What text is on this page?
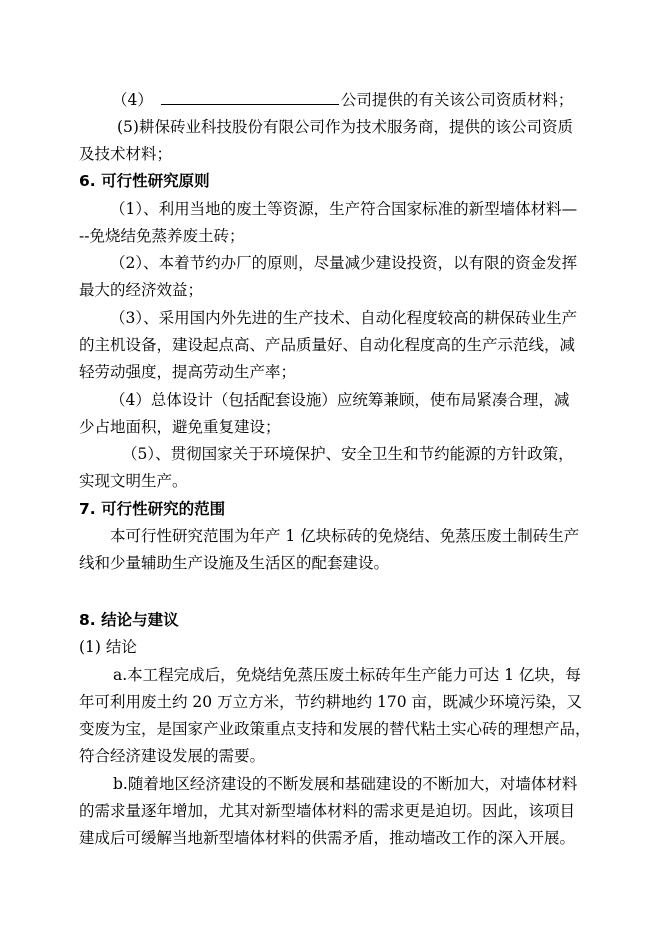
（4）	公司提供的有关该公司资质材料；
(5)耕保砖业科技股份有限公司作为技术服务商，提供的该公司资质
及技术材料；
6. 可行性研究原则
（1）、利用当地的废土等资源，生产符合国家标准的新型墙体材料—
--免烧结免蒸养废土砖；
（2）、本着节约办厂的原则，尽量减少建设投资，以有限的资金发挥
最大的经济效益；
（3）、采用国内外先进的生产技术、自动化程度较高的耕保砖业生产
的主机设备，建设起点高、产品质量好、自动化程度高的生产示范线，减
轻劳动强度，提高劳动生产率；
（4）总体设计（包括配套设施）应统筹兼顾，使布局紧凑合理，减
少占地面积，避免重复建设；
（5）、贯彻国家关于环境保护、安全卫生和节约能源的方针政策，
实现文明生产。
7. 可行性研究的范围
本可行性研究范围为年产 1 亿块标砖的免烧结、免蒸压废土制砖生产
线和少量辅助生产设施及生活区的配套建设。
8. 结论与建议
(1) 结论
a.本工程完成后，免烧结免蒸压废土标砖年生产能力可达 1 亿块，每
年可利用废土约 20 万立方米，节约耕地约 170 亩，既减少环境污染，又
变废为宝，是国家产业政策重点支持和发展的替代粘土实心砖的理想产品，
符合经济建设发展的需要。
b.随着地区经济建设的不断发展和基础建设的不断加大，对墙体材料
的需求量逐年增加，尤其对新型墙体材料的需求更是迫切。因此，该项目
建成后可缓解当地新型墙体材料的供需矛盾，推动墙改工作的深入开展。
